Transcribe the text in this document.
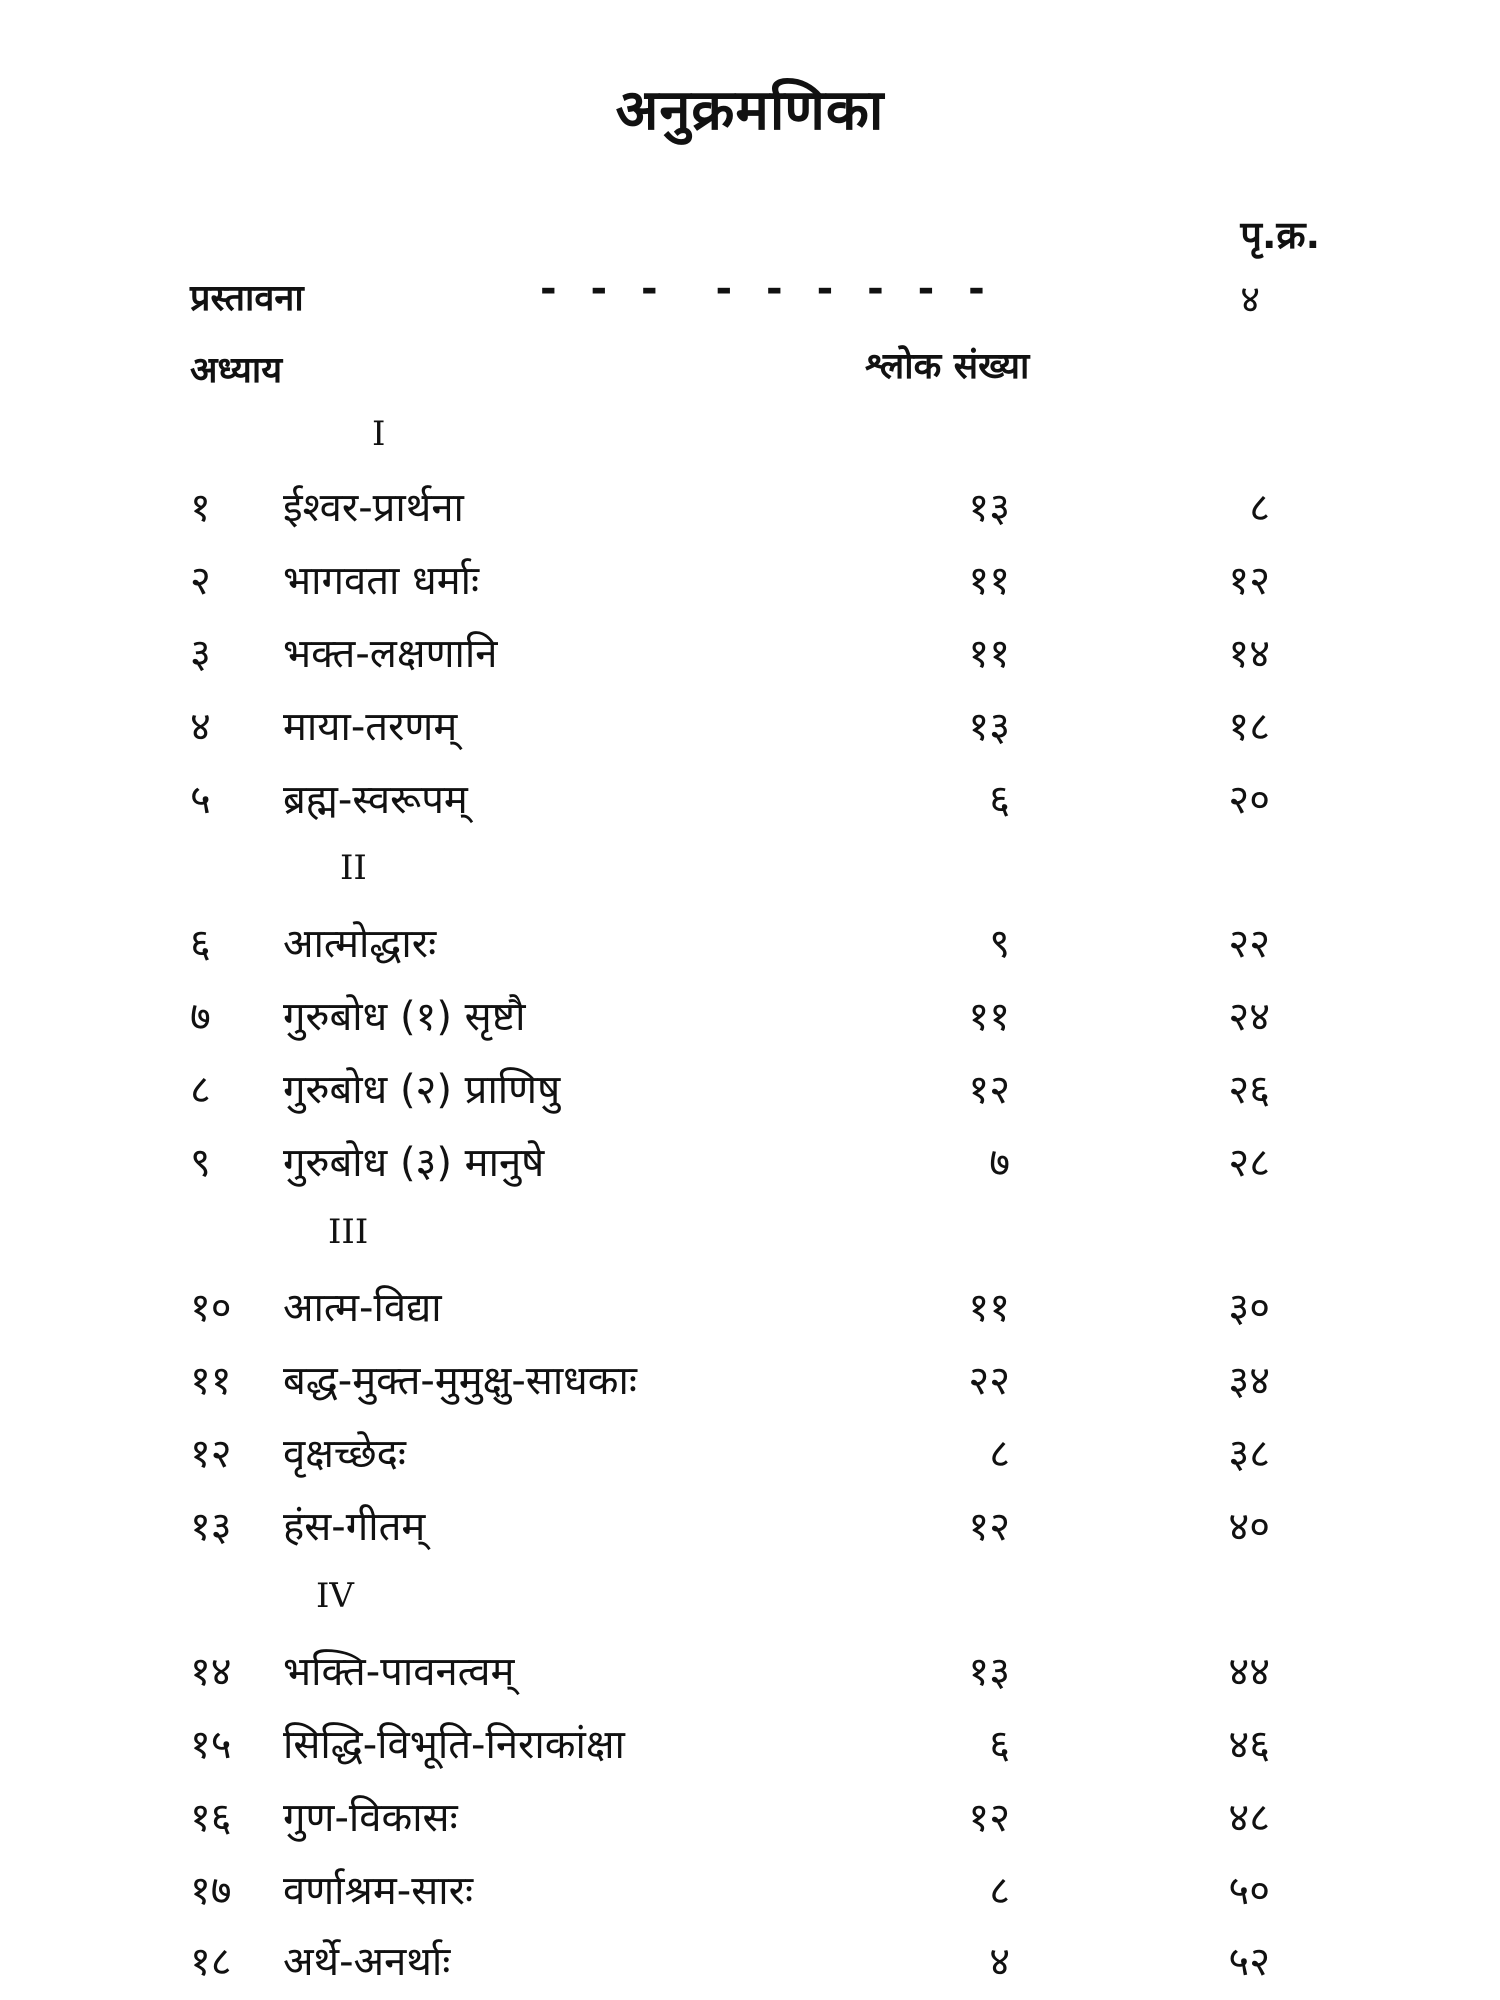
अनुक्रमणिका
पृ.क्र.
प्रस्तावना	- - -  - - - - - -	४
अध्याय	श्लोक संख्या
I
१ ईश्वर-प्रार्थना	१३	८
२ भागवता धर्माः	११	१२
३ भक्त-लक्षणानि	११	१४
४ माया-तरणम्	१३	१८
५ ब्रह्म-स्वरूपम्	६	२०
II
६ आत्मोद्धारः	९	२२
७ गुरुबोध (१) सृष्टौ	११	२४
८ गुरुबोध (२) प्राणिषु	१२	२६
९ गुरुबोध (३) मानुषे	७	२८
III
१० आत्म-विद्या	११	३०
११ बद्ध-मुक्त-मुमुक्षु-साधकाः	२२	३४
१२ वृक्षच्छेदः	८	३८
१३ हंस-गीतम्	१२	४०
IV
१४ भक्ति-पावनत्वम्	१३	४४
१५ सिद्धि-विभूति-निराकांक्षा	६	४६
१६ गुण-विकासः	१२	४८
१७ वर्णाश्रम-सारः	८	५०
१८ अर्थे-अनर्थाः	४	५२
